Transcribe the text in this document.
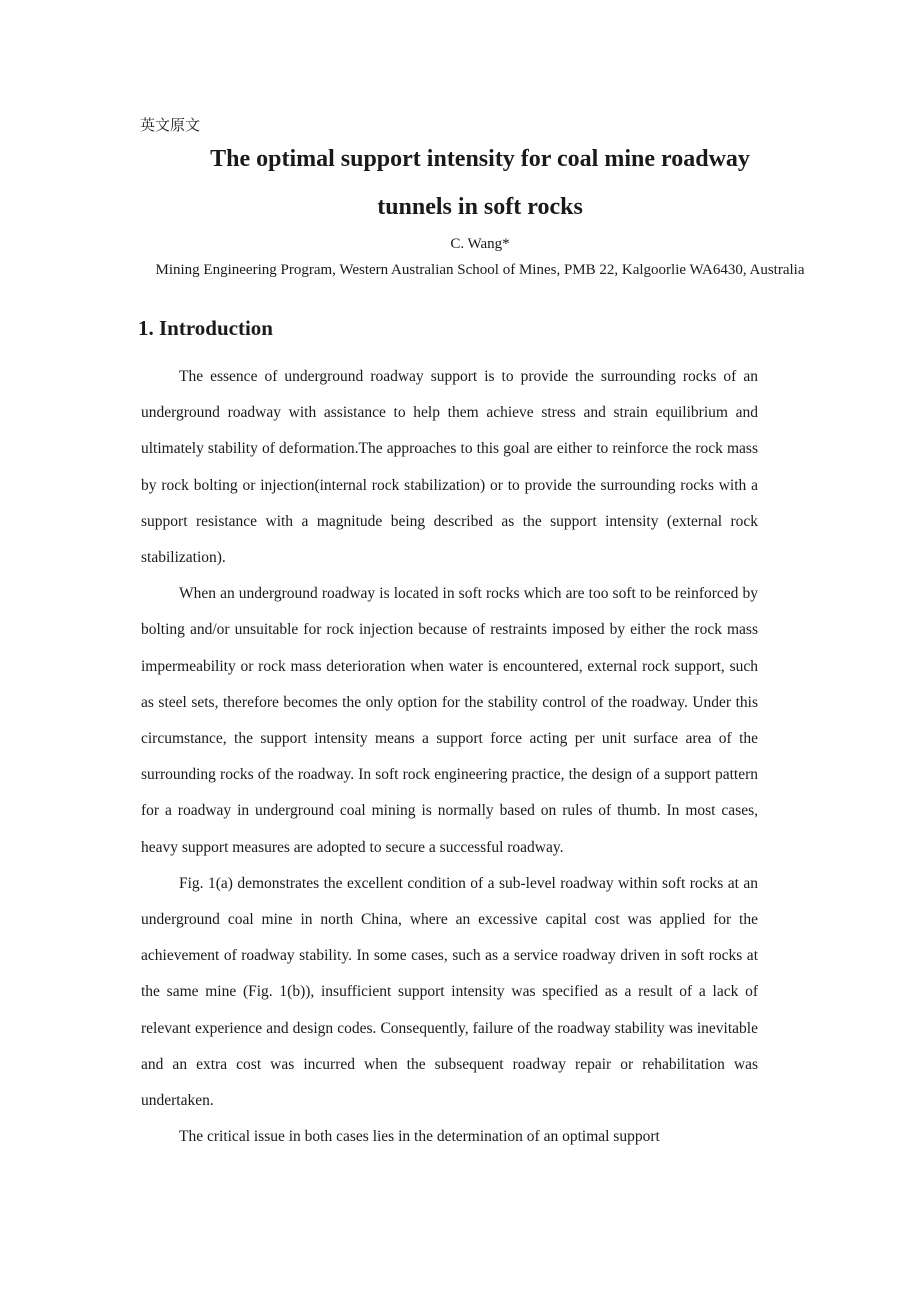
英文原文
The optimal support intensity for coal mine roadway
tunnels in soft rocks
C. Wang*
Mining Engineering Program, Western Australian School of Mines, PMB 22, Kalgoorlie WA6430, Australia
1. Introduction

The essence of underground roadway support is to provide the surrounding rocks of an underground roadway with assistance to help them achieve stress and strain equilibrium and ultimately stability of deformation.The approaches to this goal are either to reinforce the rock mass by rock bolting or injection(internal rock stabilization) or to provide the surrounding rocks with a support resistance with a magnitude being described as the support intensity (external rock stabilization).

When an underground roadway is located in soft rocks which are too soft to be reinforced by bolting and/or unsuitable for rock injection because of restraints imposed by either the rock mass impermeability or rock mass deterioration when water is encountered, external rock support, such as steel sets, therefore becomes the only option for the stability control of the roadway. Under this circumstance, the support intensity means a support force acting per unit surface area of the surrounding rocks of the roadway. In soft rock engineering practice, the design of a support pattern for a roadway in underground coal mining is normally based on rules of thumb. In most cases, heavy support measures are adopted to secure a successful roadway.

Fig. 1(a) demonstrates the excellent condition of a sub-level roadway within soft rocks at an underground coal mine in north China, where an excessive capital cost was applied for the achievement of roadway stability. In some cases, such as a service roadway driven in soft rocks at the same mine (Fig. 1(b)), insufficient support intensity was specified as a result of a lack of relevant experience and design codes. Consequently, failure of the roadway stability was inevitable and an extra cost was incurred when the subsequent roadway repair or rehabilitation was undertaken.

The critical issue in both cases lies in the determination of an optimal support
